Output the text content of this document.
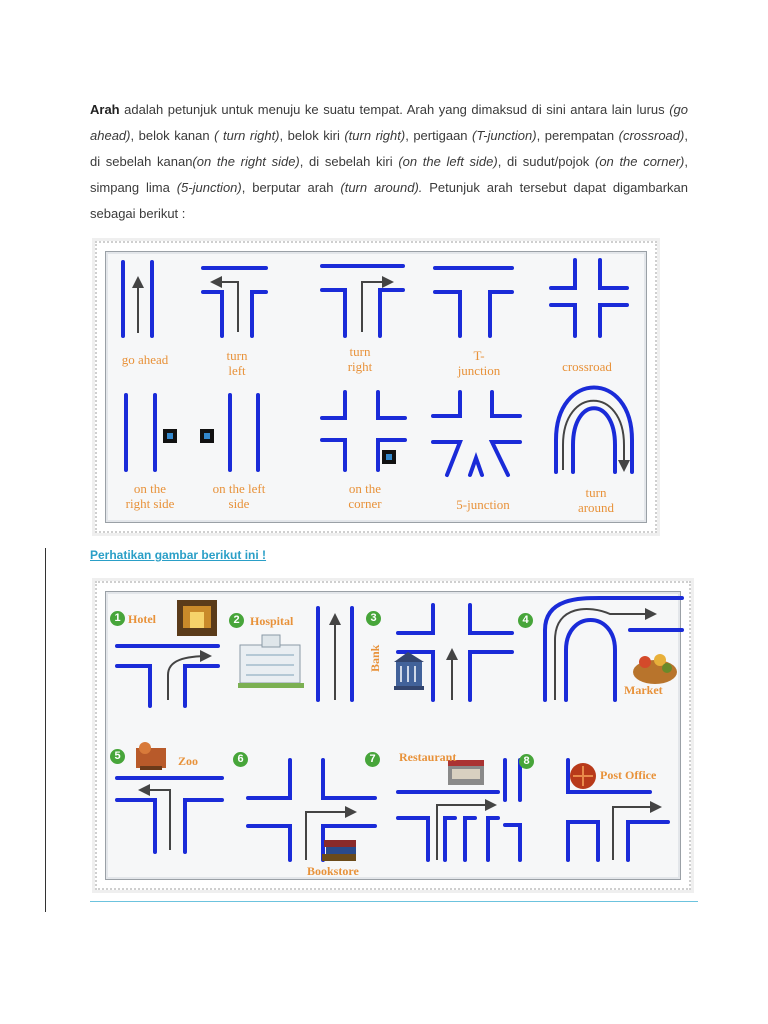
Arah adalah petunjuk untuk menuju ke suatu tempat. Arah yang dimaksud di sini antara lain lurus (go ahead), belok kanan ( turn right), belok kiri (turn right), pertigaan (T-junction), perempatan (crossroad), di sebelah kanan(on the right side), di sebelah kiri (on the left side), di sudut/pojok (on the corner), simpang lima (5-junction), berputar arah (turn around). Petunjuk arah tersebut dapat digambarkan sebagai berikut :
go ahead	turn
left
turn
right
T-
junction	crossroad
on the
right side
on the left
side
on the
corner	5-junction
turn
around
Perhatikan gambar berikut ini !
1	2	3	4
5	6	7	8
Hotel	Hospital
Bank
Market
Zoo	Restaurant
Post Office
Bookstore
